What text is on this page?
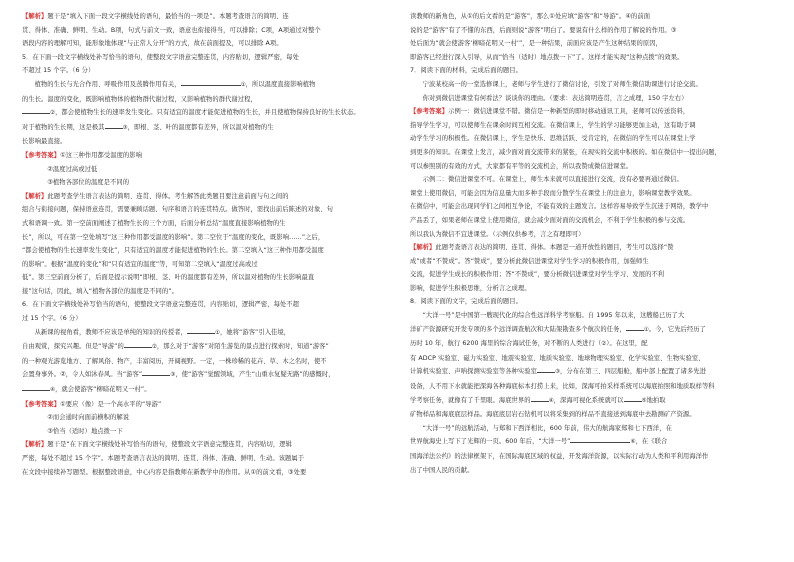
【解析】题干是“填入下面一段文字横线处的语句，最恰当的一项是”。本题考查语言的简明、连

贯、得体、准确、鲜明、生动。B项，句式与前文一致，语意也衔接得当，可以排除；C项，A项通过对整个

语段内容的理解可知，能形象地体现“与正常人分开”的方式，故在前面提及，可以排除 A项。

5．在下面一段文字横线处补写恰当的语句，使整段文字语意完整连贯，内容贴切，逻辑严密，每处

不超过 15 个字。（6 分）

植物的生长与光合作用、呼吸作用及蒸腾作用有关，	①，所以温度直接影响植物

的生长。温度的变化，既影响植物体的植物群代谢过程，又影响植物的群代谢过程，

②，都会使植物生长的速率发生变化。只有适宜的温度才能促进植物的生长，并且使植物保持良好的生长状态。

对于植物的生长期，这是极其	③，即根、茎、叶的温度都有差异，所以温对植物的生

长影响最直接。

【参考答案】①这三种作用都受温度的影响

②温度过高或过低

③植物各部位的温度是不同的

【解析】此题考查学生语言表达的简明、连贯、得体。考生解答此类题目要注意前面与句之间的

组合与衔接问题，保持语意连贯，需要兼顾话题、句序和语言的连贯特点。做答时，需找出前后陈述的对象、句

式和语调一致。第一空前面阐述了植物生长的三个方面，后面分析总结“温度直接影响植物的生

长”，所以，可在第一空处填写“这三种作用都受温度的影响”。第二空位于“温度的变化，既影响……”之后，

“都会使植物的生长速率发生变化”，只有适宜的温度才能促进植物的生长。第二空填入“这三种作用都受温度

的影响”。根据“温度的变化”和“只有适宜的温度”等，可知第二空填入“温度过高或过

低”。第三空前面分析了，后面是提示说明“即根、茎、叶的温度都有差异，所以温对植物的生长影响最直

接”这句话，因此，填入“植物各部位的温度是不同的”。

6．在下面文字横线处补写恰当的语句，使整段文字语意完整连贯，内容贴切，逻辑严密，每处不超

过 15 个字。（6 分）

从新课的视角看，教师不应该是单纯的知识的传授者，	①，她将“游客”引入佳境，

自由观赏，探究兴趣。但是“导游”的	②，那么对于“游客”对陌生游览的景点进行探索时，知道“游客”

的一种观光游览地方、了解风俗、物产，丰富阅历，开阔视野。一定，一株珍稀的花卉、草、木之名时，使不

会置身事外。②，令人如沐春风。当“游客”	③，使“游客”觉醒领域，产生“山重水复疑无路”的感慨时，

④，就会使游客“柳暗花明又一村”。

【参考答案】①要应（像）是一个高水平的“导游”

②而会通时向面前横积的解说

③恰当（适时）地点拨一下

【解析】题干是“在下面文字横线处补写恰当的语句，使整段文字语意完整连贯，内容贴切，逻辑

严密，每处不超过 15 个字”。本题考查语言表达的简明、连贯、得体、准确、鲜明、生动。该题属于

在文段中接续补写题型。根据整段语意，中心内容是指教师在新教学中的作用。从①的前文看，③处要

读教师的新角色，从①的后文看的是“游客”，那么①处应填“游客”和“导游”。④的前面

说的是“游客”有了不懂的东西，后面则说“游客”明白了。要说有什么样的作用了解说的作用。③

处后面为“就会使游客‘柳暗花明又一村’”，是一种结果，前面应该是产生这种结果的原因，

即游客已经进行深入引导，从而“恰当（适时）地点拨一下”了。这样才能实现“这种点拨”的效果。

7．阅读下面的材料，完成后面的题目。

宁波某校高一的一堂选修课上，老师与学生进行了微信讨论，引发了对师生微信助课进行讨论交流。

你对到微信进课堂有何看法？谈谈你的理由。（要求：表达简明连贯，言之成理，150 字左右）

【参考答案】示例一：微信进课堂不错。微信是一种新型的即时移动通讯工具，老师可以传送资料，

指导学生学习，可以使师生在课余时间互相交流。在微信课上，学生的学习能够更加主动，这有助于调

动学生学习的积极性。在微信课上，学生是快乐、思维活跃、受肯定的，在微信的学生可以在课堂上学

到更多的知识。在课堂上发言，减少面对面交流带来的紧张，在现实的交流中积极的。如在微信中一提出问题，

可以参照别的有效的方式，大家都有平等的交流机会，所以我赞成微信进课堂。

示例二：微信进课堂不可。在课堂上，师生本来就可以直接进行交流，没有必要再通过微信。

课堂上使用微信，可能会因为信息量大而多种手段而分散学生在课堂上的注意力，影响课堂教学效果。

在微信中，可能会出现同学们之间相互争论，不能有效的主题发言。这样容易导致学生沉迷于网络，教学中

产品丢了，如果老师在课堂上使用微信，就会减少面对面的交流机会，不利于学生积极的参与交流。

所以我认为微信不宜进课堂。（示例仅供参考，言之有理即可）

【解析】此题考查语言表达的简明、连贯、得体。本题是一道开放性的题目，考生可以选择“赞

成”或者“不赞成”。答“赞成”，要分析此微信进课堂对学生学习的积极作用，加强师生

交流，促进学生成长的积极作用；答“不赞成”，要分析微信进课堂对学生学习、发展的不利

影响，促进学生积极思维，分析言之成理。

8．阅读下面的文字，完成后面的题目。

“大洋一号”是中国第一艘现代化的综合性远洋科学考察船。自 1995 年以来，这艘船已历了大

洋矿产资源研究开发专项的多个远洋调查航次和大陆架勘查多个航次的任务，	①。今，它先后经历了

历时 10 年，航行 6200 海里的综合海试任务，对不断的人类进行（②）。在这里，配

有 ADCP 实验室、磁力实验室、地震实验室、地质实验室、地球物理实验室、化学实验室、生物实验室、

计算机实验室、声呐探测实验室等各种实验室	③，分布在第三、四层船舱，船中部上配置了诸多先进

设备，人不用下水就能把深海各种海底标本打捞上来，比如，深海可拍采样系统可以海底拍照和地质取样等科

学考察任务，就像有了千里眼。海底世界的	④，深海可视化系统就可以	⑤地拍取

矿物样品和海底底层样品。海底底层岩石钻机可以将采集到的样品不直接送到海底中去勘测矿产资源。

“大洋一号”的远航活动，与郑和下西洋相比，600 年前，伟大的航海家郑和七下西洋，在

世界航海史上写下了光辉的一页。600 年后，“大洋一号”	⑥，在《联合

国海洋法公约》的法律框架下，在国际海底区域的权益，开发海洋资源，以实际行动为人类和平利用海洋作

出了中国人民的贡献。
